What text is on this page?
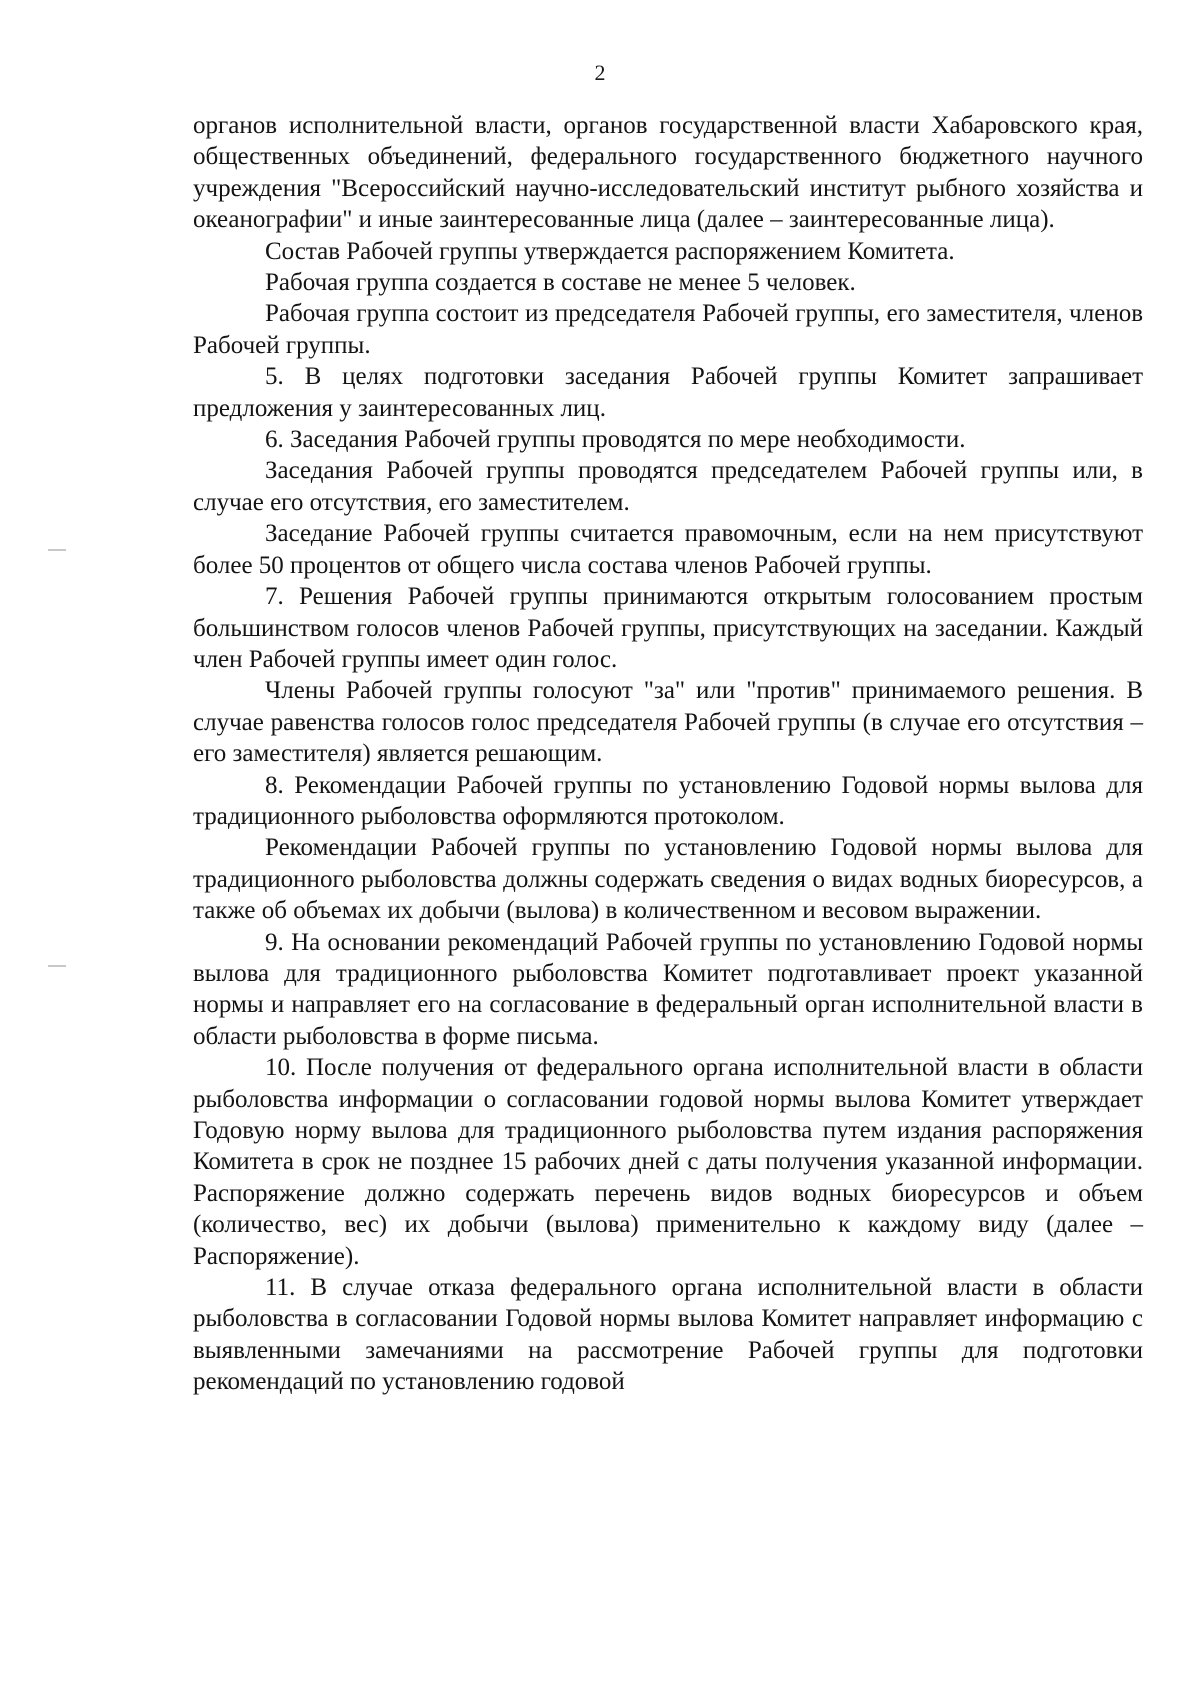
2

органов исполнительной власти, органов государственной власти Хабаровского края, общественных объединений, федерального государственного бюджетного научного учреждения "Всероссийский научно-исследовательский институт рыбного хозяйства и океанографии" и иные заинтересованные лица (далее – заинтересованные лица).

Состав Рабочей группы утверждается распоряжением Комитета.

Рабочая группа создается в составе не менее 5 человек.

Рабочая группа состоит из председателя Рабочей группы, его заместителя, членов Рабочей группы.

5. В целях подготовки заседания Рабочей группы Комитет запрашивает предложения у заинтересованных лиц.

6. Заседания Рабочей группы проводятся по мере необходимости.

Заседания Рабочей группы проводятся председателем Рабочей группы или, в случае его отсутствия, его заместителем.

Заседание Рабочей группы считается правомочным, если на нем присутствуют более 50 процентов от общего числа состава членов Рабочей группы.

7. Решения Рабочей группы принимаются открытым голосованием простым большинством голосов членов Рабочей группы, присутствующих на заседании. Каждый член Рабочей группы имеет один голос.

Члены Рабочей группы голосуют "за" или "против" принимаемого решения. В случае равенства голосов голос председателя Рабочей группы (в случае его отсутствия – его заместителя) является решающим.

8. Рекомендации Рабочей группы по установлению Годовой нормы вылова для традиционного рыболовства оформляются протоколом.

Рекомендации Рабочей группы по установлению Годовой нормы вылова для традиционного рыболовства должны содержать сведения о видах водных биоресурсов, а также об объемах их добычи (вылова) в количественном и весовом выражении.

9. На основании рекомендаций Рабочей группы по установлению Годовой нормы вылова для традиционного рыболовства Комитет подготавливает проект указанной нормы и направляет его на согласование в федеральный орган исполнительной власти в области рыболовства в форме письма.

10. После получения от федерального органа исполнительной власти в области рыболовства информации о согласовании годовой нормы вылова Комитет утверждает Годовую норму вылова для традиционного рыболовства путем издания распоряжения Комитета в срок не позднее 15 рабочих дней с даты получения указанной информации. Распоряжение должно содержать перечень видов водных биоресурсов и объем (количество, вес) их добычи (вылова) применительно к каждому виду (далее – Распоряжение).

11. В случае отказа федерального органа исполнительной власти в области рыболовства в согласовании Годовой нормы вылова Комитет направляет информацию с выявленными замечаниями на рассмотрение Рабочей группы для подготовки рекомендаций по установлению годовой
